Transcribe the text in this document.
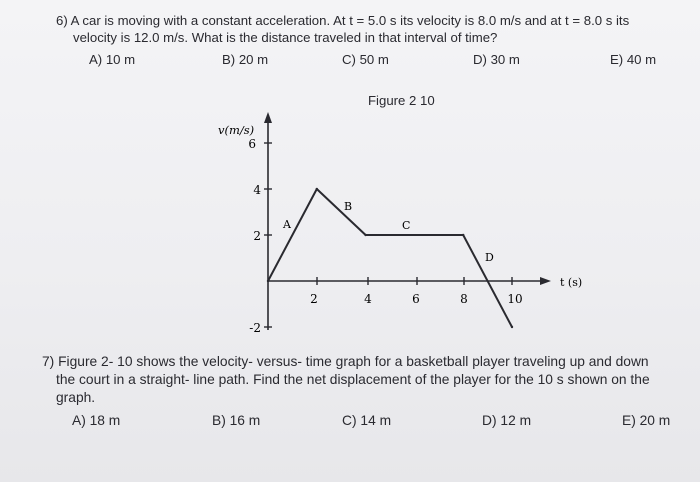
6) A car is moving with a constant acceleration. At t = 5.0 s its velocity is 8.0 m/s and at t = 8.0 s its
velocity is 12.0 m/s. What is the distance traveled in that interval of time?
A) 10 m	B) 20 m	C) 50 m	D) 30 m	E) 40 m
Figure 2 10
6
4
2
-2
v(m/s)
2	4	6	8	10
t (s)
A
B
C
D
7) Figure 2- 10 shows the velocity- versus- time graph for a basketball player traveling up and down
the court in a straight- line path. Find the net displacement of the player for the 10 s shown on the
graph.
A) 18 m	B) 16 m	C) 14 m	D) 12 m	E) 20 m
